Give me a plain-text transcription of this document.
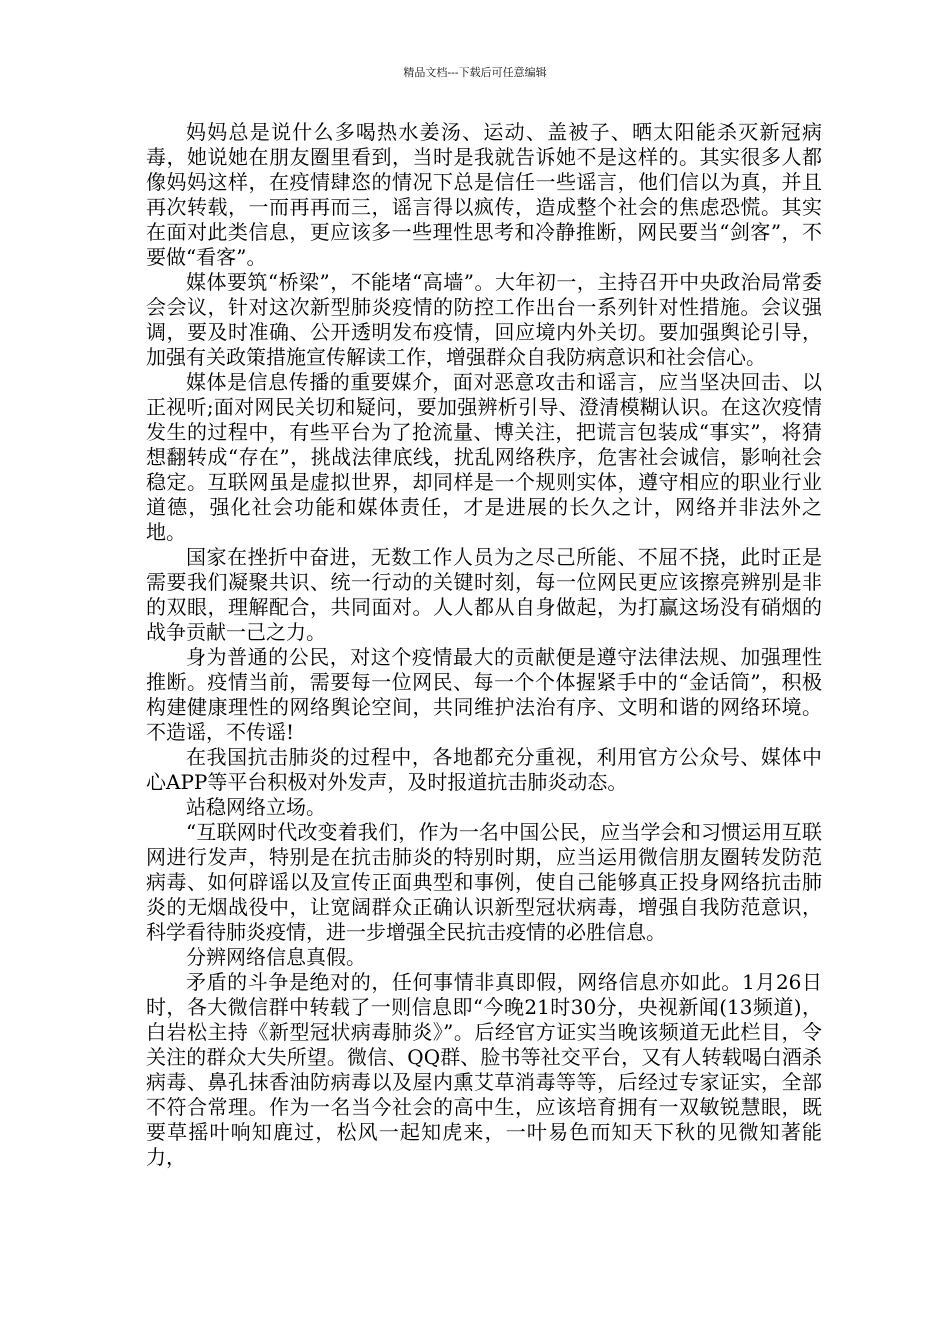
精品文档---下载后可任意编辑

妈妈总是说什么多喝热水姜汤、运动、盖被子、晒太阳能杀灭新冠病毒，她说她在朋友圈里看到，当时是我就告诉她不是这样的。其实很多人都像妈妈这样，在疫情肆恣的情况下总是信任一些谣言，他们信以为真，并且再次转载，一而再再而三，谣言得以疯传，造成整个社会的焦虑恐慌。其实在面对此类信息，更应该多一些理性思考和冷静推断，网民要当“剑客”，不要做“看客”。

媒体要筑“桥梁”，不能堵“高墙”。大年初一，主持召开中央政治局常委会会议，针对这次新型肺炎疫情的防控工作出台一系列针对性措施。会议强调，要及时准确、公开透明发布疫情，回应境内外关切。要加强舆论引导，加强有关政策措施宣传解读工作，增强群众自我防病意识和社会信心。

媒体是信息传播的重要媒介，面对恶意攻击和谣言，应当坚决回击、以正视听;面对网民关切和疑问，要加强辨析引导、澄清模糊认识。在这次疫情发生的过程中，有些平台为了抢流量、博关注，把谎言包装成“事实”，将猜想翻转成“存在”，挑战法律底线，扰乱网络秩序，危害社会诚信，影响社会稳定。互联网虽是虚拟世界，却同样是一个规则实体，遵守相应的职业行业道德，强化社会功能和媒体责任，才是进展的长久之计，网络并非法外之地。

国家在挫折中奋进，无数工作人员为之尽己所能、不屈不挠，此时正是需要我们凝聚共识、统一行动的关键时刻，每一位网民更应该擦亮辨别是非的双眼，理解配合，共同面对。人人都从自身做起，为打赢这场没有硝烟的战争贡献一己之力。

身为普通的公民，对这个疫情最大的贡献便是遵守法律法规、加强理性推断。疫情当前，需要每一位网民、每一个个体握紧手中的“金话筒”，积极构建健康理性的网络舆论空间，共同维护法治有序、文明和谐的网络环境。不造谣，不传谣!

在我国抗击肺炎的过程中，各地都充分重视，利用官方公众号、媒体中心APP等平台积极对外发声，及时报道抗击肺炎动态。

站稳网络立场。

“互联网时代改变着我们，作为一名中国公民，应当学会和习惯运用互联网进行发声，特别是在抗击肺炎的特别时期，应当运用微信朋友圈转发防范病毒、如何辟谣以及宣传正面典型和事例，使自己能够真正投身网络抗击肺炎的无烟战役中，让宽阔群众正确认识新型冠状病毒，增强自我防范意识，科学看待肺炎疫情，进一步增强全民抗击疫情的必胜信息。

分辨网络信息真假。

矛盾的斗争是绝对的，任何事情非真即假，网络信息亦如此。1月26日时，各大微信群中转载了一则信息即“今晚21时30分，央视新闻(13频道)，白岩松主持《新型冠状病毒肺炎》”。后经官方证实当晚该频道无此栏目，令关注的群众大失所望。微信、QQ群、脸书等社交平台，又有人转载喝白酒杀病毒、鼻孔抹香油防病毒以及屋内熏艾草消毒等等，后经过专家证实，全部不符合常理。作为一名当今社会的高中生，应该培育拥有一双敏锐慧眼，既要草摇叶响知鹿过，松风一起知虎来，一叶易色而知天下秋的见微知著能力，
